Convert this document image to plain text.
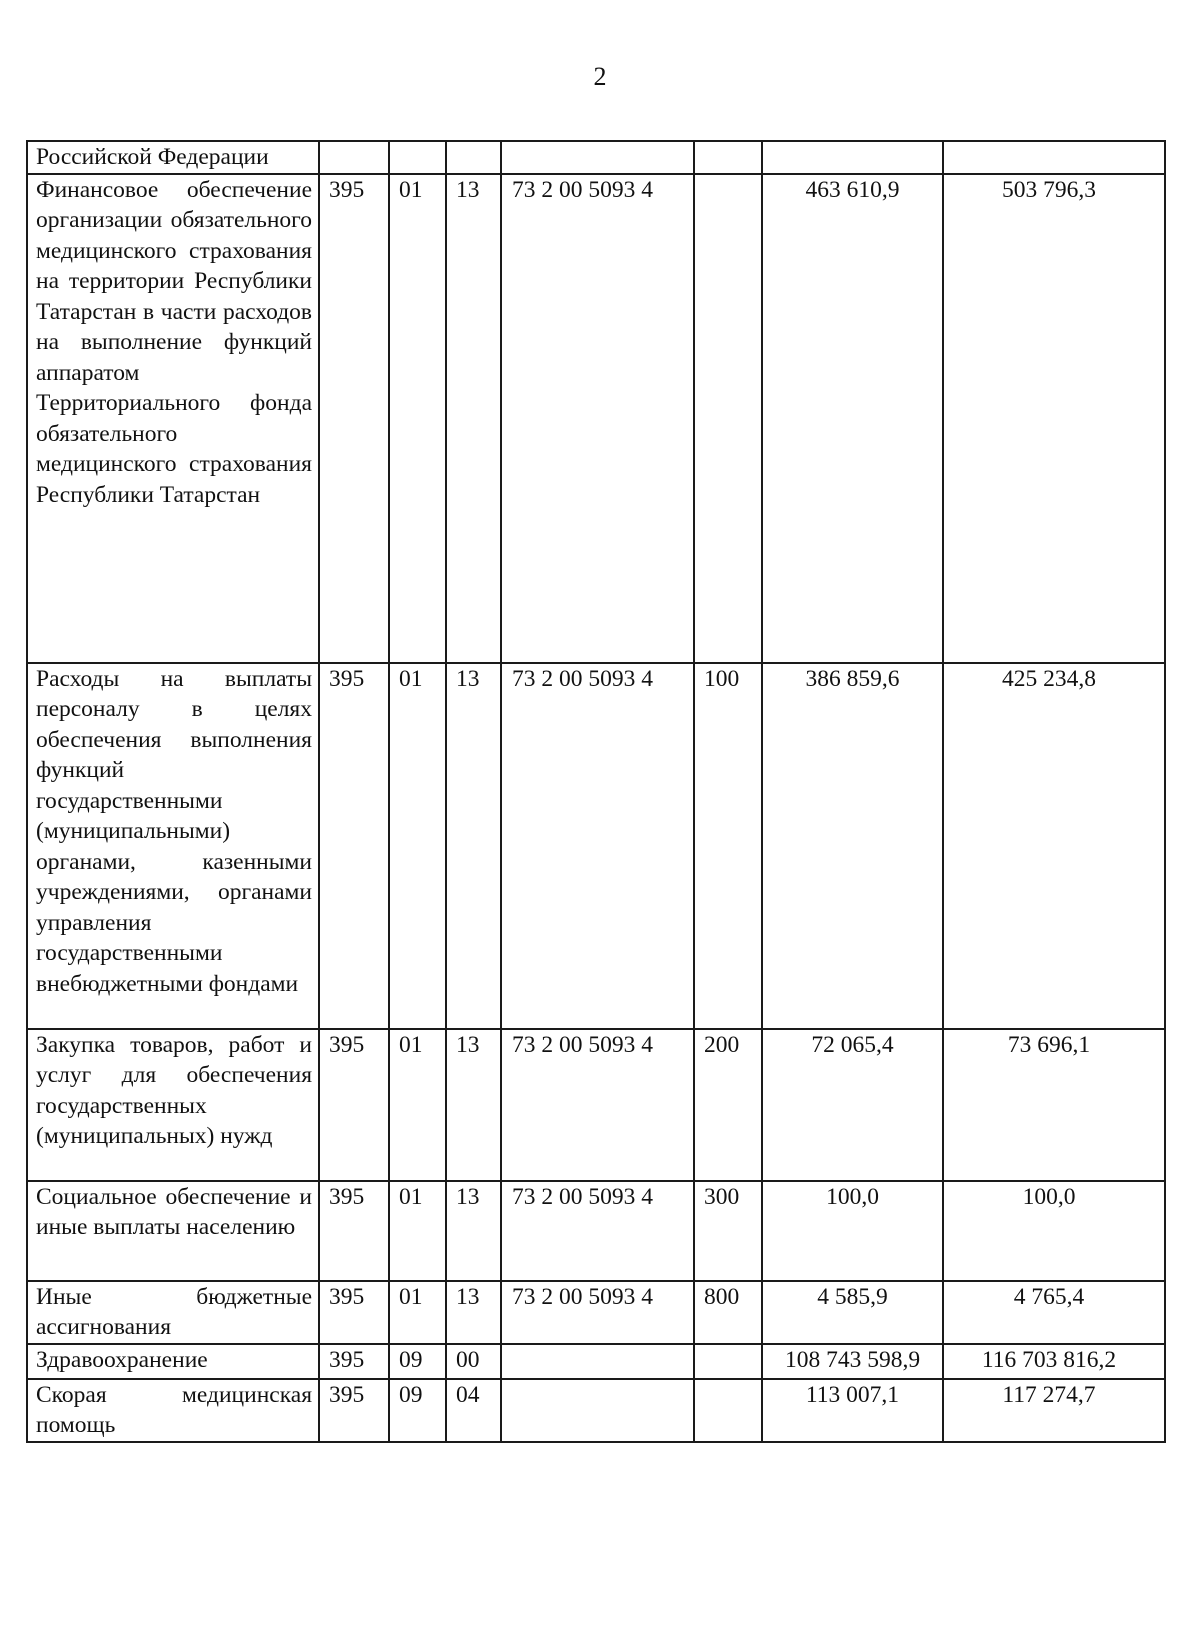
2
Российской Федерации							
Финансовое обеспечение организации обязательного медицинского страхования на территории Республики Татарстан в части расходов на выполнение функций аппаратом Территориального фонда обязательного медицинского страхования Республики Татарстан	395	01	13	73 2 00 5093 4		463 610,9	503 796,3
Расходы на выплаты персоналу в целях обеспечения выполнения функций государственными (муниципальными) органами, казенными учреждениями, органами управления государственными внебюджетными фондами	395	01	13	73 2 00 5093 4	100	386 859,6	425 234,8
Закупка товаров, работ и услуг для обеспечения государственных (муниципальных) нужд	395	01	13	73 2 00 5093 4	200	72 065,4	73 696,1
Социальное обеспечение и иные выплаты населению	395	01	13	73 2 00 5093 4	300	100,0	100,0
Иные бюджетные ассигнования	395	01	13	73 2 00 5093 4	800	4 585,9	4 765,4
Здравоохранение	395	09	00			108 743 598,9	116 703 816,2
Скорая медицинская помощь	395	09	04			113 007,1	117 274,7
